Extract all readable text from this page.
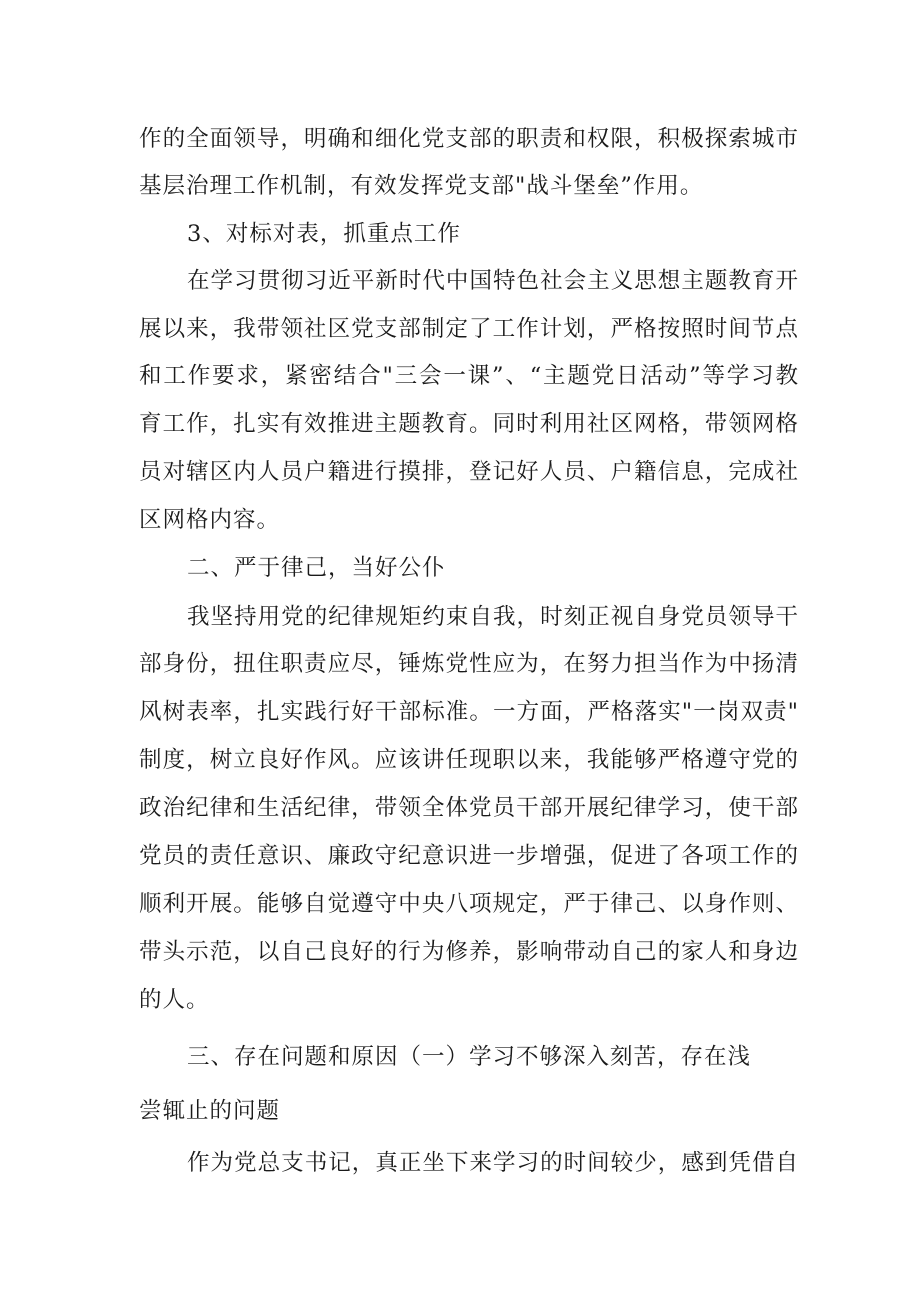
作的全面领导，明确和细化党支部的职责和权限，积极探索城市
基层治理工作机制，有效发挥党支部"战斗堡垒”作用。
3、对标对表，抓重点工作
在学习贯彻习近平新时代中国特色社会主义思想主题教育开
展以来，我带领社区党支部制定了工作计划，严格按照时间节点
和工作要求，紧密结合"三会一课”、“主题党日活动”等学习教
育工作，扎实有效推进主题教育。同时利用社区网格，带领网格
员对辖区内人员户籍进行摸排，登记好人员、户籍信息，完成社
区网格内容。
二、严于律己，当好公仆
我坚持用党的纪律规矩约束自我，时刻正视自身党员领导干
部身份，扭住职责应尽，锤炼党性应为，在努力担当作为中扬清
风树表率，扎实践行好干部标准。一方面，严格落实"一岗双责"
制度，树立良好作风。应该讲任现职以来，我能够严格遵守党的
政治纪律和生活纪律，带领全体党员干部开展纪律学习，使干部
党员的责任意识、廉政守纪意识进一步增强，促进了各项工作的
顺利开展。能够自觉遵守中央八项规定，严于律己、以身作则、
带头示范，以自己良好的行为修养，影响带动自己的家人和身边
的人。
三、存在问题和原因（一）学习不够深入刻苦，存在浅
尝辄止的问题
作为党总支书记，真正坐下来学习的时间较少，感到凭借自
